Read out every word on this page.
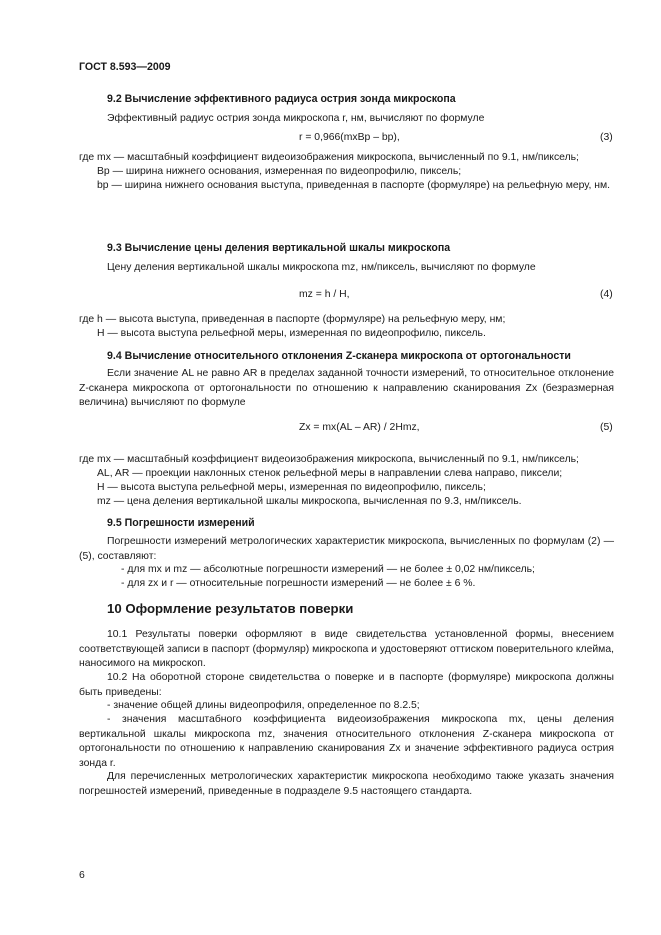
ГОСТ 8.593—2009
9.2 Вычисление эффективного радиуса острия зонда микроскопа
Эффективный радиус острия зонда микроскопа r, нм, вычисляют по формуле
r = 0,966(mxBp – bp),	(3)
где mx — масштабный коэффициент видеоизображения микроскопа, вычисленный по 9.1, нм/пиксель;
Bp — ширина нижнего основания, измеренная по видеопрофилю, пиксель;
bp — ширина нижнего основания выступа, приведенная в паспорте (формуляре) на рельефную меру, нм.
9.3 Вычисление цены деления вертикальной шкалы микроскопа
Цену деления вертикальной шкалы микроскопа mz, нм/пиксель, вычисляют по формуле
mz = h / H,	(4)
где h — высота выступа, приведенная в паспорте (формуляре) на рельефную меру, нм;
H — высота выступа рельефной меры, измеренная по видеопрофилю, пиксель.
9.4 Вычисление относительного отклонения Z-сканера микроскопа от ортогональности
Если значение AL не равно AR в пределах заданной точности измерений, то относительное отклонение Z-сканера микроскопа от ортогональности по отношению к направлению сканирования Zx (безразмерная величина) вычисляют по формуле
Zx = mx(AL – AR) / 2Hmz,	(5)
где mx — масштабный коэффициент видеоизображения микроскопа, вычисленный по 9.1, нм/пиксель;
AL, AR — проекции наклонных стенок рельефной меры в направлении слева направо, пиксели;
H — высота выступа рельефной меры, измеренная по видеопрофилю, пиксель;
mz — цена деления вертикальной шкалы микроскопа, вычисленная по 9.3, нм/пиксель.
9.5 Погрешности измерений
Погрешности измерений метрологических характеристик микроскопа, вычисленных по формулам (2) — (5), составляют:
- для mx и mz — абсолютные погрешности измерений — не более ± 0,02 нм/пиксель;
- для zx и r — относительные погрешности измерений — не более ± 6 %.
10 Оформление результатов поверки
10.1 Результаты поверки оформляют в виде свидетельства установленной формы, внесением соответствующей записи в паспорт (формуляр) микроскопа и удостоверяют оттиском поверительного клейма, наносимого на микроскоп.
10.2 На оборотной стороне свидетельства о поверке и в паспорте (формуляре) микроскопа должны быть приведены:
- значение общей длины видеопрофиля, определенное по 8.2.5;
- значения масштабного коэффициента видеоизображения микроскопа mx, цены деления вертикальной шкалы микроскопа mz, значения относительного отклонения Z-сканера микроскопа от ортогональности по отношению к направлению сканирования Zx и значение эффективного радиуса острия зонда r.
Для перечисленных метрологических характеристик микроскопа необходимо также указать значения погрешностей измерений, приведенные в подразделе 9.5 настоящего стандарта.
6
